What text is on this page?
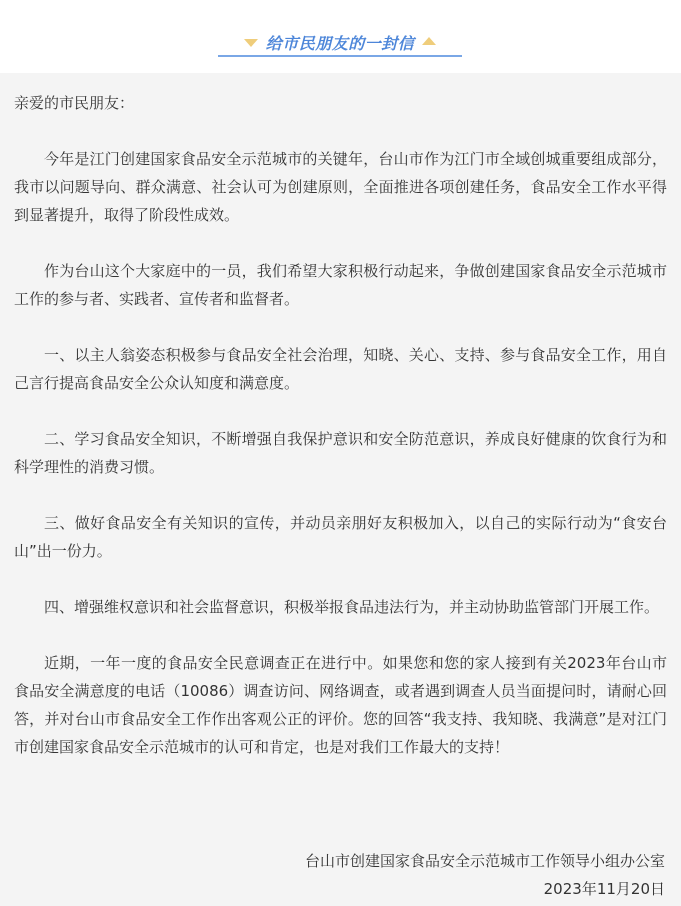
给市民朋友的一封信

亲爱的市民朋友：

今年是江门创建国家食品安全示范城市的关键年，台山市作为江门市全域创城重要组成部分，我市以问题导向、群众满意、社会认可为创建原则，全面推进各项创建任务，食品安全工作水平得到显著提升，取得了阶段性成效。

作为台山这个大家庭中的一员，我们希望大家积极行动起来，争做创建国家食品安全示范城市工作的参与者、实践者、宣传者和监督者。

一、以主人翁姿态积极参与食品安全社会治理，知晓、关心、支持、参与食品安全工作，用自己言行提高食品安全公众认知度和满意度。

二、学习食品安全知识，不断增强自我保护意识和安全防范意识，养成良好健康的饮食行为和科学理性的消费习惯。

三、做好食品安全有关知识的宣传，并动员亲朋好友积极加入，以自己的实际行动为“食安台山”出一份力。

四、增强维权意识和社会监督意识，积极举报食品违法行为，并主动协助监管部门开展工作。

近期，一年一度的食品安全民意调查正在进行中。如果您和您的家人接到有关2023年台山市食品安全满意度的电话（10086）调查访问、网络调查，或者遇到调查人员当面提问时，请耐心回答，并对台山市食品安全工作作出客观公正的评价。您的回答“我支持、我知晓、我满意”是对江门市创建国家食品安全示范城市的认可和肯定，也是对我们工作最大的支持！

台山市创建国家食品安全示范城市工作领导小组办公室
2023年11月20日
